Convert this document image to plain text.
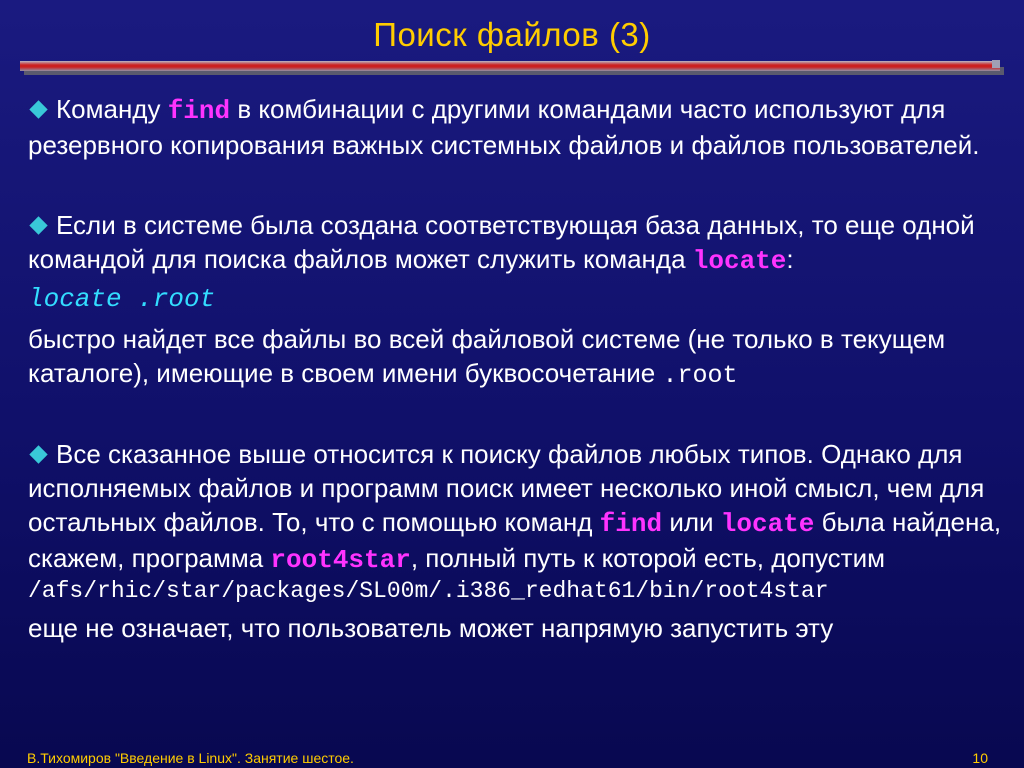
Поиск файлов (3)

Команду find в комбинации с другими командами часто используют для резервного копирования важных системных файлов и файлов пользователей.

Если в системе была создана соответствующая база данных, то еще одной командой для поиска файлов может служить команда locate:

locate .root

быстро найдет все файлы во всей файловой системе (не только в текущем каталоге), имеющие в своем имени буквосочетание .root

Все сказанное выше относится к поиску файлов любых типов. Однако для исполняемых файлов и программ поиск имеет несколько иной смысл, чем для остальных файлов. То, что с помощью команд find или locate была найдена, скажем, программа root4star, полный путь к которой есть, допустим

/afs/rhic/star/packages/SL00m/.i386_redhat61/bin/root4star

еще не означает, что пользователь может напрямую запустить эту

В.Тихомиров "Введение в Linux". Занятие шестое.	10
